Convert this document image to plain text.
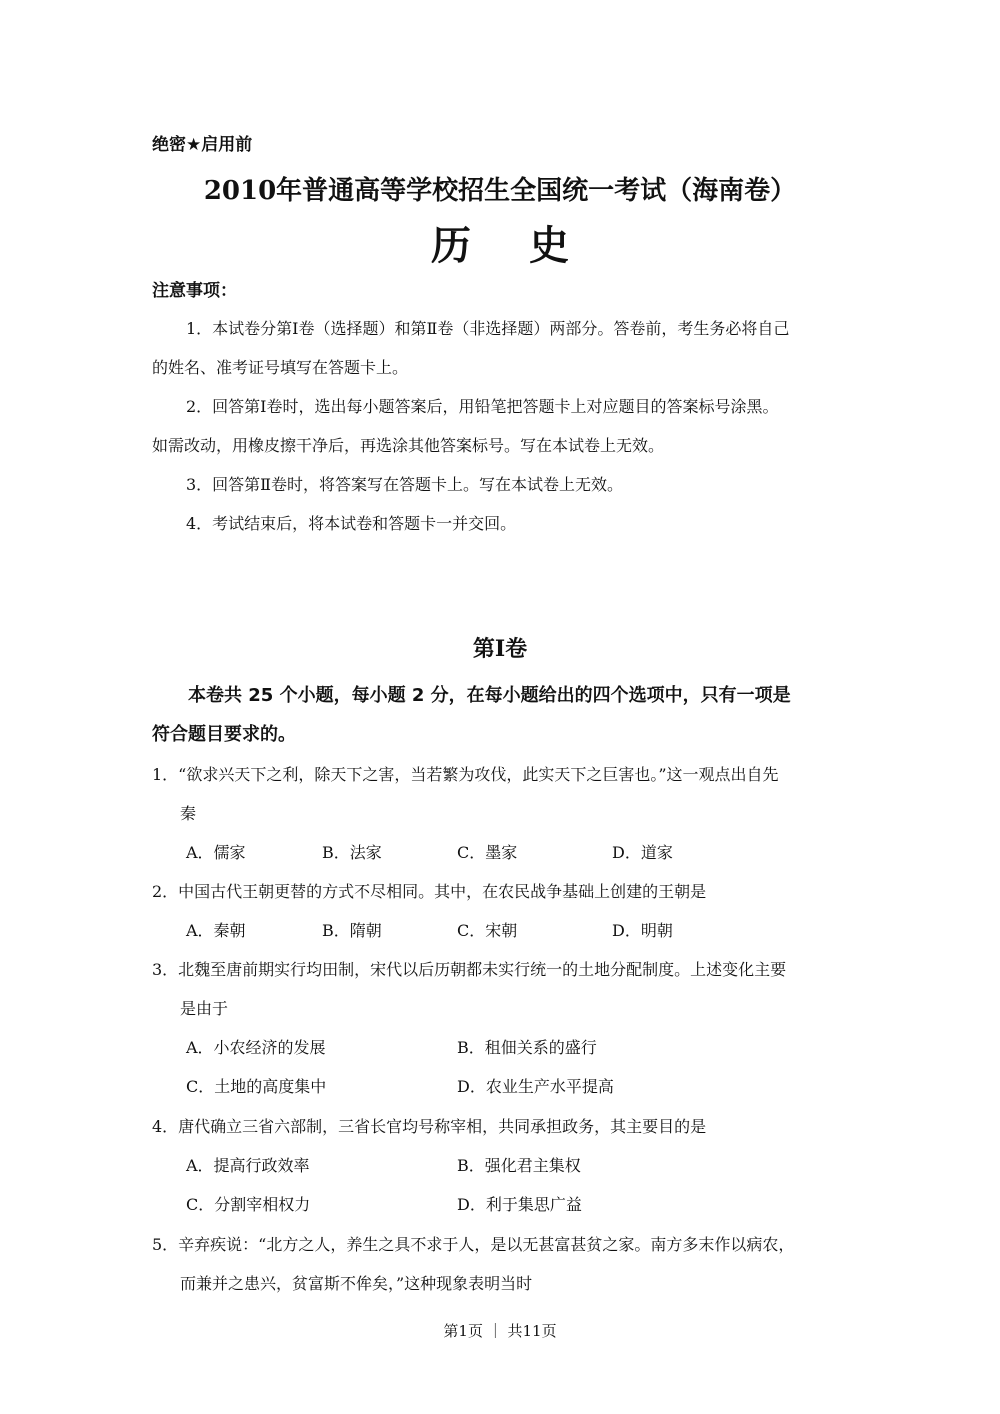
绝密★启用前
2010年普通高等学校招生全国统一考试（海南卷）
历 史
注意事项：
1．本试卷分第Ⅰ卷（选择题）和第Ⅱ卷（非选择题）两部分。答卷前，考生务必将自己
的姓名、准考证号填写在答题卡上。
2．回答第Ⅰ卷时，选出每小题答案后，用铅笔把答题卡上对应题目的答案标号涂黑。
如需改动，用橡皮擦干净后，再选涂其他答案标号。写在本试卷上无效。
3．回答第Ⅱ卷时，将答案写在答题卡上。写在本试卷上无效。
4．考试结束后，将本试卷和答题卡一并交回。
第Ⅰ卷
本卷共 25 个小题，每小题 2 分，在每小题给出的四个选项中，只有一项是
符合题目要求的。
1．“欲求兴天下之利，除天下之害，当若繁为攻伐，此实天下之巨害也。”这一观点出自先
秦
A．儒家	B．法家	C．墨家	D．道家
2．中国古代王朝更替的方式不尽相同。其中，在农民战争基础上创建的王朝是
A．秦朝	B．隋朝	C．宋朝	D．明朝
3．北魏至唐前期实行均田制，宋代以后历朝都未实行统一的土地分配制度。上述变化主要
是由于
A．小农经济的发展	B．租佃关系的盛行
C．土地的高度集中	D．农业生产水平提高
4．唐代确立三省六部制，三省长官均号称宰相，共同承担政务，其主要目的是
A．提高行政效率	B．强化君主集权
C．分割宰相权力	D．利于集思广益
5．辛弃疾说：“北方之人，养生之具不求于人，是以无甚富甚贫之家。南方多末作以病农，
而兼并之患兴，贫富斯不侔矣，”这种现象表明当时
第1页 ｜ 共11页
